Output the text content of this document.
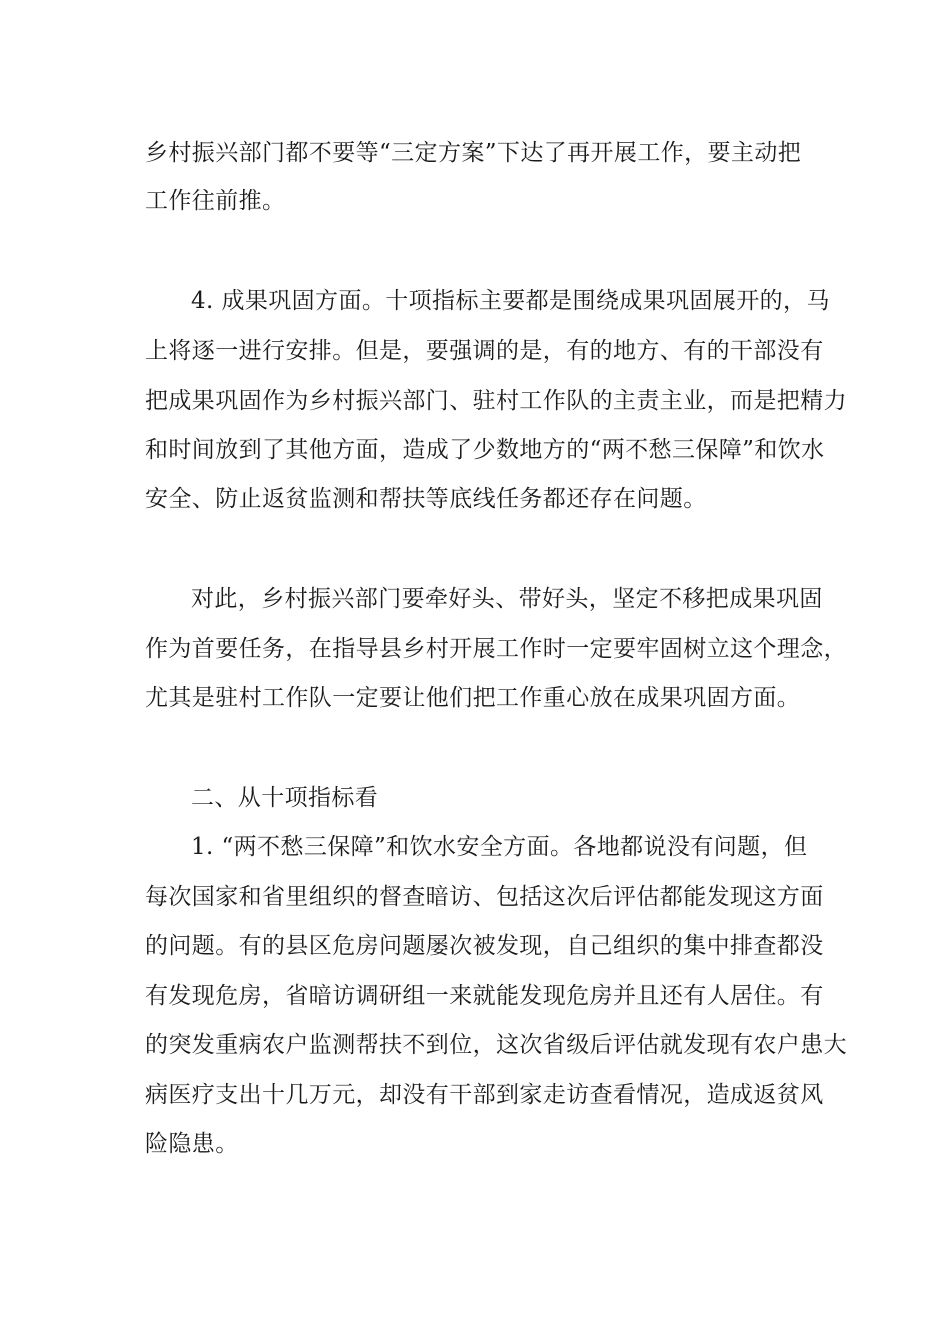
乡村振兴部门都不要等“三定方案”下达了再开展工作，要主动把
工作往前推。
4. 成果巩固方面。十项指标主要都是围绕成果巩固展开的，马
上将逐一进行安排。但是，要强调的是，有的地方、有的干部没有
把成果巩固作为乡村振兴部门、驻村工作队的主责主业，而是把精力
和时间放到了其他方面，造成了少数地方的“两不愁三保障”和饮水
安全、防止返贫监测和帮扶等底线任务都还存在问题。
对此，乡村振兴部门要牵好头、带好头，坚定不移把成果巩固
作为首要任务，在指导县乡村开展工作时一定要牢固树立这个理念，
尤其是驻村工作队一定要让他们把工作重心放在成果巩固方面。
二、从十项指标看
1. “两不愁三保障”和饮水安全方面。各地都说没有问题，但
每次国家和省里组织的督查暗访、包括这次后评估都能发现这方面
的问题。有的县区危房问题屡次被发现，自己组织的集中排查都没
有发现危房，省暗访调研组一来就能发现危房并且还有人居住。有
的突发重病农户监测帮扶不到位，这次省级后评估就发现有农户患大
病医疗支出十几万元，却没有干部到家走访查看情况，造成返贫风
险隐患。
